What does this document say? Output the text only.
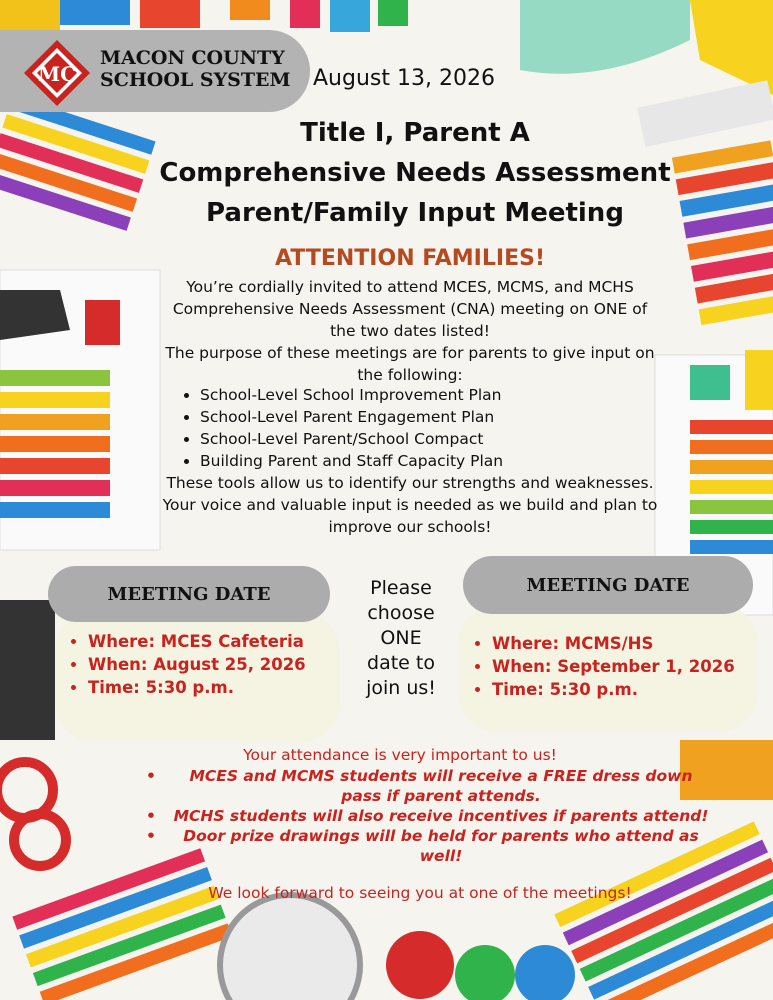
MC
MACON COUNTY
SCHOOL SYSTEM August 13, 2026
Title I, Parent A
Comprehensive Needs Assessment
Parent/Family Input Meeting
ATTENTION FAMILIES!
You’re cordially invited to attend MCES, MCMS, and MCHS Comprehensive Needs Assessment (CNA) meeting on ONE of the two dates listed!
The purpose of these meetings are for parents to give input on the following:
• School-Level School Improvement Plan
• School-Level Parent Engagement Plan
• School-Level Parent/School Compact
• Building Parent and Staff Capacity Plan
These tools allow us to identify our strengths and weaknesses.
Your voice and valuable input is needed as we build and plan to improve our schools!
MEETING DATE
• Where: MCES Cafeteria
• When: August 25, 2026
• Time: 5:30 p.m.
Please
choose
ONE
date to
join us!
MEETING DATE
• Where: MCMS/HS
• When: September 1, 2026
• Time: 5:30 p.m.
Your attendance is very important to us!
• MCES and MCMS students will receive a FREE dress down pass if parent attends.
• MCHS students will also receive incentives if parents attend!
• Door prize drawings will be held for parents who attend as well!
We look forward to seeing you at one of the meetings!
